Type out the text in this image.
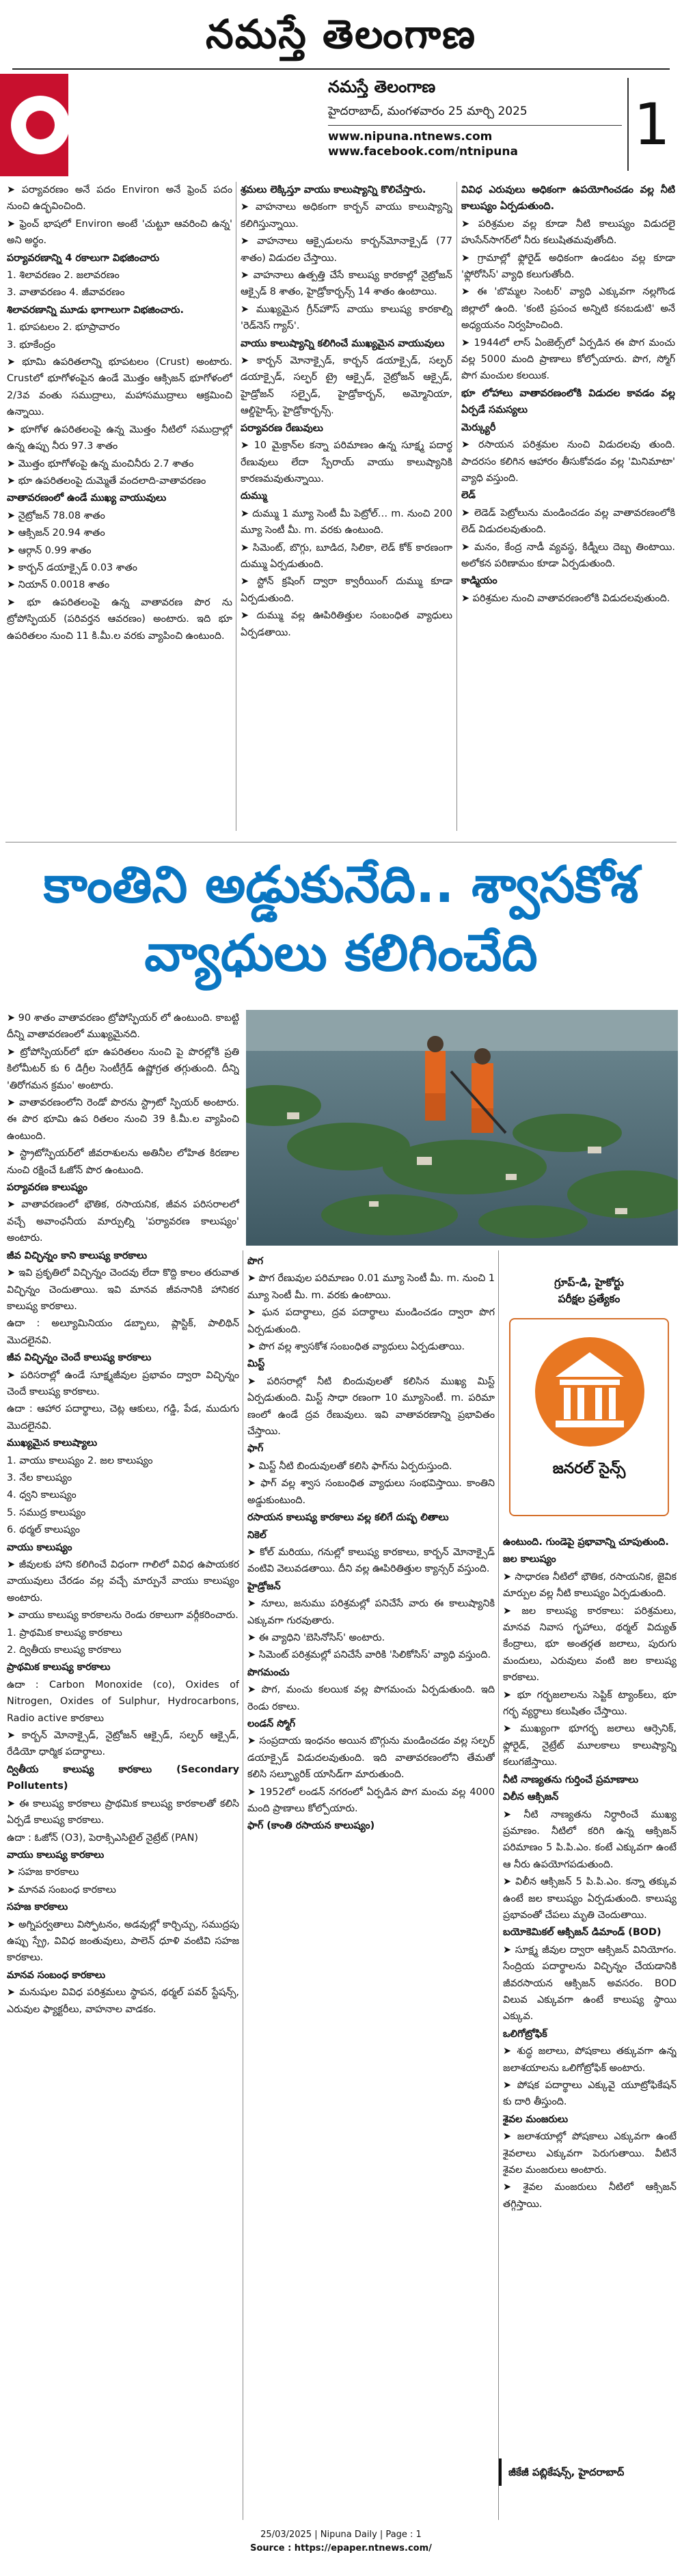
నమస్తే తెలంగాణ
నమస్తే తెలంగాణ
హైదరాబాద్, మంగళవారం 25 మార్చి 2025
www.nipuna.ntnews.com
www.facebook.com/ntnipuna	1

➤ పర్యావరణం అనే పదం Environ అనే ఫ్రెంచ్‌ పదం నుంచి ఉద్భవించింది.

➤ ఫ్రెంచ్‌ భాషలో Environ అంటే 'చుట్టూ ఆవరించి ఉన్న' అని అర్థం.

పర్యావరణాన్ని 4 రకాలుగా విభజించారు

1. శిలావరణం 2. జలావరణం

3. వాతావరణం 4. జీవావరణం

శిలావరణాన్ని మూడు భాగాలుగా విభజించారు.

1. భూపటలం 2. భూప్రావారం

3. భూకేంద్రం

➤ భూమి ఉపరితలాన్ని భూపటలం (Crust) అంటారు. Crustలో భూగోళంపైన ఉండే మొత్తం ఆక్సిజన్‌ భూగోళంలో 2/3వ వంతు సముద్రాలు, మహాసముద్రాలు ఆక్రమించి ఉన్నాయి.

➤ భూగోళ ఉపరితలంపై ఉన్న మొత్తం నీటిలో సముద్రాల్లో ఉన్న ఉప్పు నీరు 97.3 శాతం

➤ మొత్తం భూగోళంపై ఉన్న మంచినీరు 2.7 శాతం

➤ భూ ఉపరితలంపై దుమ్మెతే వందలాది-వాతావరణం

వాతావరణంలో ఉండే ముఖ్య వాయువులు

➤ నైట్రోజన్‌ 78.08 శాతం

➤ ఆక్సిజన్‌ 20.94 శాతం

➤ ఆర్గాన్‌ 0.99 శాతం

➤ కార్బన్‌ డయాక్సైడ్‌ 0.03 శాతం

➤ నియాన్‌ 0.0018 శాతం

➤ భూ ఉపరితలంపై ఉన్న వాతావరణ పొర ను ట్రోపోస్ఫియర్‌ (పరివర్తన ఆవరణం) అంటారు. ఇది భూ ఉపరితలం నుంచి 11 కి.మీ.ల వరకు వ్యాపించి ఉంటుంది.

శ్రమలు లెక్కిస్తూ వాయు కాలుష్యాన్ని కొలిచేస్తారు.

➤ వాహనాలు అధికంగా కార్బన్‌ వాయు కాలుష్యాన్ని కలిగిస్తున్నాయి.

➤ వాహనాలు ఆక్సైడులను కార్బన్‌మోనాక్సైడ్‌ (77 శాతం) విడుదల చేస్తాయి.

➤ వాహనాలు ఉత్పత్తి చేసే కాలుష్య కారకాల్లో నైట్రోజన్‌ ఆక్సైడ్‌ 8 శాతం, హైడ్రోకార్బన్స్‌ 14 శాతం ఉంటాయి.

➤ ముఖ్యమైన గ్రీన్‌హౌస్‌ వాయు కాలుష్య కారకాల్ని 'రెడ్‌నెస్‌ గ్యాస్‌'.

వాయు కాలుష్యాన్ని కలిగించే ముఖ్యమైన వాయువులు

➤ కార్బన్‌ మోనాక్సైడ్‌, కార్బన్‌ డయాక్సైడ్‌, సల్ఫర్‌ డయాక్సైడ్‌, సల్ఫర్‌ ట్రై ఆక్సైడ్‌, నైట్రోజన్‌ ఆక్సైడ్‌, హైడ్రోజన్‌ సల్ఫైడ్‌, హైడ్రోకార్బన్‌, అమ్మోనియా, ఆల్డిహైడ్స్‌, హైడ్రోకార్బన్స్‌.

పర్యావరణ రేణువులు

➤ 10 మైక్రాన్‌ల కన్నా పరిమాణం ఉన్న సూక్ష్మ పదార్థ రేణువులు లేదా స్పేరాయ్‌ వాయు కాలుష్యానికి కారణమవుతున్నాయి.

దుమ్ము

➤ దుమ్ము 1 మ్యూ సెంటీ మీ పెట్రోల్‌… m. నుంచి 200 మ్యూ సెంటీ మీ. m. వరకు ఉంటుంది.

➤ సిమెంట్‌, బొగ్గు, బూడిద, సిలికా, లెడ్‌ కోక్‌ కారణంగా దుమ్ము ఏర్పడుతుంది.

➤ స్టోన్‌ క్రషింగ్‌ ద్వారా క్వారీయింగ్‌ దుమ్ము కూడా ఏర్పడుతుంది.

➤ దుమ్ము వల్ల ఊపిరితిత్తుల సంబంధిత వ్యాధులు ఏర్పడతాయి.

వివిధ ఎరువులు అధికంగా ఉపయోగించడం వల్ల నీటి కాలుష్యం ఏర్పడుతుంది.

➤ పరిశ్రమల వల్ల కూడా నీటి కాలుష్యం విడుదలై హుసేన్‌సాగర్‌లో నీరు కలుషితమవుతోంది.

➤ గ్రామాల్లో ఫ్లోరైడ్‌ అధికంగా ఉండటం వల్ల కూడా 'ఫ్లోరోసిస్‌' వ్యాధి కలుగుతోంది.

➤ ఈ 'బొమ్మల సెంటర్‌' వ్యాధి ఎక్కువగా నల్లగొండ జిల్లాలో ఉంది. 'కంటి ప్రపంచ అన్నిటి కనబడుటి' అనే అధ్యయనం నిర్వహించింది.

➤ 1944లో లాస్‌ ఏంజెల్స్‌లో ఏర్పడిన ఈ పొగ మంచు వల్ల 5000 మంది ప్రాణాలు కోల్పోయారు. పొగ, స్మోగ్‌ పొగ మంచుల కలయిక.

భూ లోహాలు వాతావరణంలోకి విడుదల కావడం వల్ల ఏర్పడే సమస్యలు

మెర్క్యురీ

➤ రసాయన పరిశ్రమల నుంచి విడుదలవు తుంది. పాదరసం కలిగిన ఆహారం తీసుకోవడం వల్ల 'మినిమాటా' వ్యాధి వస్తుంది.

లెడ్‌

➤ లెడెడ్‌ పెట్రోలును మండించడం వల్ల వాతావరణంలోకి లెడ్‌ విడుదలవుతుంది.

➤ మనం, కేంద్ర నాడీ వ్యవస్థ, కిడ్నీలు దెబ్బ తింటాయి. అలోకన పరిణామం కూడా ఏర్పడుతుంది.

కాడ్మియం

➤ పరిశ్రమల నుంచి వాతావరణంలోకి విడుదలవుతుంది.

కాంతిని అడ్డుకునేది.. శ్వాసకోశ
వ్యాధులు కలిగించేది

➤ 90 శాతం వాతావరణం ట్రోపోస్ఫియర్‌ లో ఉంటుంది. కాబట్టి దీన్ని వాతావరణంలో ముఖ్యమైనది.

➤ ట్రోపోస్ఫియర్‌లో భూ ఉపరితలం నుంచి పై పొరల్లోకి ప్రతి కిలోమీటర్‌ కు 6 డిగ్రీల సెంటీగ్రేడ్‌ ఉష్ణోగ్రత తగ్గుతుంది. దీన్ని 'తిరోగమన క్రమం' అంటారు.

➤ వాతావరణంలోని రెండో పొరను స్ట్రాటో స్ఫియర్‌ అంటారు. ఈ పొర భూమి ఉప రితలం నుంచి 39 కి.మీ.ల వ్యాపించి ఉంటుంది.

➤ స్ట్రాటోస్ఫియర్‌లో జీవరాశులను అతినీల లోహిత కిరణాల నుంచి రక్షించే ఓజోన్‌ పొర ఉంటుంది.

పర్యావరణ కాలుష్యం

➤ వాతావరణంలో భౌతిక, రసాయనిక, జీవన పరిసరాలలో వచ్చే అవాంఛనీయ మార్పుల్ని 'పర్యావరణ కాలుష్యం' అంటారు.

జీవ విచ్ఛిన్నం కాని కాలుష్య కారకాలు

➤ ఇవి ప్రకృతిలో విచ్ఛిన్నం చెందవు లేదా కొద్ది కాలం తరువాత విచ్ఛిన్నం చెందుతాయి. ఇవి మానవ జీవనానికి హానికర కాలుష్య కారకాలు.

ఉదా : అల్యూమినియం డబ్బాలు, ప్లాస్టిక్‌, పాలిథిన్‌ మొదలైనవి.

జీవ విచ్ఛిన్నం చెందే కాలుష్య కారకాలు

➤ పరిసరాల్లో ఉండే సూక్ష్మజీవుల ప్రభావం ద్వారా విచ్ఛిన్నం చెందే కాలుష్య కారకాలు.

ఉదా : ఆహార పదార్థాలు, చెట్ల ఆకులు, గడ్డి, పేడ, ముదుగు మొదలైనవి.

ముఖ్యమైన కాలుష్యాలు

1. వాయు కాలుష్యం 2. జల కాలుష్యం

3. నేల కాలుష్యం

4. ధ్వని కాలుష్యం

5. సముద్ర కాలుష్యం

6. థర్మల్‌ కాలుష్యం

వాయు కాలుష్యం

➤ జీవులకు హాని కలిగించే విధంగా గాలిలో వివిధ ఉపాయకర వాయువులు చేరడం వల్ల వచ్చే మార్పునే వాయు కాలుష్యం అంటారు.

➤ వాయు కాలుష్య కారకాలను రెండు రకాలుగా వర్గీకరించారు.

1. ప్రాథమిక కాలుష్య కారకాలు

2. ద్వితీయ కాలుష్య కారకాలు

ప్రాథమిక కాలుష్య కారకాలు

ఉదా : Carbon Monoxide (co), Oxides of Nitrogen, Oxides of Sulphur, Hydrocarbons, Radio active కారకాలు

➤ కార్బన్‌ మోనాక్సైడ్‌, నైట్రోజన్‌ ఆక్సైడ్‌, సల్ఫర్‌ ఆక్సైడ్‌, రేడియో ధార్మిక పదార్థాలు.

ద్వితీయ కాలుష్య కారకాలు (Secondary Pollutents)

➤ ఈ కాలుష్య కారకాలు ప్రాథమిక కాలుష్య కారకాలతో కలిసి ఏర్పడే కాలుష్య కారకాలు.

ఉదా : ఓజోన్‌ (O3), పెరాక్సిఎసిటైల్‌ నైట్రేట్‌ (PAN)

వాయు కాలుష్య కారకాలు

➤ సహజ కారకాలు

➤ మానవ సంబంధ కారకాలు

సహజ కారకాలు

➤ అగ్నిపర్వతాలు విస్ఫోటనం, అడవుల్లో కార్చిచ్చు, సముద్రపు ఉప్పు స్ప్రే, వివిధ జంతువులు, పాలెన్‌ ధూళి వంటివి సహజ కారకాలు.

మానవ సంబంధ కారకాలు

➤ మనుషుల వివిధ పరిశ్రమలు స్థాపన, థర్మల్‌ పవర్‌ స్టేషన్స్‌, ఎరువుల ఫ్యాక్టరీలు, వాహనాల వాడకం.

పొగ

➤ పొగ రేణువుల పరిమాణం 0.01 మ్యూ సెంటీ మీ. m. నుంచి 1 మ్యూ సెంటీ మీ. m. వరకు ఉంటాయి.

➤ ఘన పదార్థాలు, ద్రవ పదార్థాలు మండించడం ద్వారా పొగ ఏర్పడుతుంది.

➤ పొగ వల్ల శ్వాసకోశ సంబంధిత వ్యాధులు ఏర్పడుతాయి.

మిస్ట్‌

➤ పరిసరాల్లో నీటి బిందువులతో కలిసిన ముఖ్య మిస్ట్‌ ఏర్పడుతుంది. మిస్ట్‌ సాధా రణంగా 10 మ్యూసెంటీ. m. పరిమా ణంలో ఉండే ద్రవ రేణువులు. ఇవి వాతావరణాన్ని ప్రభావితం చేస్తాయి.

ఫాగ్‌

➤ మిస్ట్‌ నీటి బిందువులతో కలిసి ఫాగ్‌ను ఏర్పరుస్తుంది.

➤ ఫాగ్‌ వల్ల శ్వాస సంబంధిత వ్యాధులు సంభవిస్తాయి. కాంతిని అడ్డుకుంటుంది.

రసాయన కాలుష్య కారకాలు వల్ల కలిగే దుష్ఫ లితాలు

నికెల్‌

➤ కోల్‌ మరియు, గనుల్లో కాలుష్య కారకాలు, కార్బన్‌ మోనాక్సైడ్‌ వంటివి వెలువడతాయి. దీని వల్ల ఊపిరితిత్తుల క్యాన్సర్‌ వస్తుంది.

హైడ్రోజన్‌

➤ నూలు, జనుము పరిశ్రమల్లో పనిచేసే వారు ఈ కాలుష్యానికి ఎక్కువగా గురవుతారు.

➤ ఈ వ్యాధిని 'బెసినోసిస్‌' అంటారు.

➤ సిమెంట్‌ పరిశ్రమల్లో పనిచేసే వారికి 'సిలికోసిస్‌' వ్యాధి వస్తుంది.

పొగమంచు

➤ పొగ, మంచు కలయిక వల్ల పొగమంచు ఏర్పడుతుంది. ఇది రెండు రకాలు.

లండన్‌ స్మోగ్‌

➤ సంప్రదాయ ఇంధనం అయిన బొగ్గును మండించడం వల్ల సల్ఫర్‌ డయాక్సైడ్‌ విడుదలవుతుంది. ఇది వాతావరణంలోని తేమతో కలిసి సల్ఫ్యూరిక్‌ యాసిడ్‌గా మారుతుంది.

➤ 1952లో లండన్‌ నగరంలో ఏర్పడిన పొగ మంచు వల్ల 4000 మంది ప్రాణాలు కోల్పోయారు.

ఫాగ్‌ (కాంతి రసాయన కాలుష్యం)

ఉంటుంది. గుండెపై ప్రభావాన్ని చూపుతుంది.

జల కాలుష్యం

➤ సాధారణ నీటిలో భౌతిక, రసాయనిక, జైవిక మార్పుల వల్ల నీటి కాలుష్యం ఏర్పడుతుంది.

➤ జల కాలుష్య కారకాలు: పరిశ్రమలు, మానవ నివాస గృహాలు, థర్మల్‌ విద్యుత్‌ కేంద్రాలు, భూ అంతర్గత జలాలు, పురుగు మందులు, ఎరువులు వంటి జల కాలుష్య కారకాలు.

➤ భూ గర్భజలాలను సెప్టిక్‌ ట్యాంక్‌లు, భూ గర్భ వ్యర్థాలు కలుషితం చేస్తాయి.

➤ ముఖ్యంగా భూగర్భ జలాలు ఆర్సెనిక్‌, ఫ్లోరైడ్‌, నైట్రేట్‌ మూలకాలు కాలుష్యాన్ని కలుగజేస్తాయి.

నీటి నాణ్యతను గుర్తించే ప్రమాణాలు

విలీన ఆక్సిజన్‌

➤ నీటి నాణ్యతను నిర్ధారించే ముఖ్య ప్రమాణం. నీటిలో కరిగి ఉన్న ఆక్సిజన్‌ పరిమాణం 5 పి.పి.ఎం. కంటే ఎక్కువగా ఉంటే ఆ నీరు ఉపయోగపడుతుంది.

➤ విలీన ఆక్సిజన్‌ 5 పి.పి.ఎం. కన్నా తక్కువ ఉంటే జల కాలుష్యం ఏర్పడుతుంది. కాలుష్య ప్రభావంతో చేపలు మృతి చెందుతాయి.

బయోకెమికల్‌ ఆక్సిజన్‌ డిమాండ్‌ (BOD)

➤ సూక్ష్మ జీవుల ద్వారా ఆక్సిజన్‌ వినియోగం. సేంద్రియ పదార్థాలను విచ్ఛిన్నం చేయడానికి జీవరసాయన ఆక్సిజన్‌ అవసరం. BOD విలువ ఎక్కువగా ఉంటే కాలుష్య స్థాయి ఎక్కువ.

ఒలిగోట్రోఫిక్‌

➤ శుద్ధ జలాలు, పోషకాలు తక్కువగా ఉన్న జలాశయాలను ఒలిగోట్రోఫిక్‌ అంటారు.

➤ పోషక పదార్థాలు ఎక్కువై యూట్రోఫికేషన్‌ కు దారి తీస్తుంది.

శైవల మంజరులు

➤ జలాశయాల్లో పోషకాలు ఎక్కువగా ఉంటే శైవలాలు ఎక్కువగా పెరుగుతాయి. వీటినే శైవల మంజరులు అంటారు.

➤ శైవల మంజరులు నీటిలో ఆక్సిజన్‌ తగ్గిస్తాయి.

గ్రూప్‌-డి, హైకోర్టు
పరీక్షల ప్రత్యేకం
జనరల్‌ సైన్స్‌
జీకేజీ పబ్లికేషన్స్‌, హైదరాబాద్‌
25/03/2025 | Nipuna Daily | Page : 1
Source : https://epaper.ntnews.com/
